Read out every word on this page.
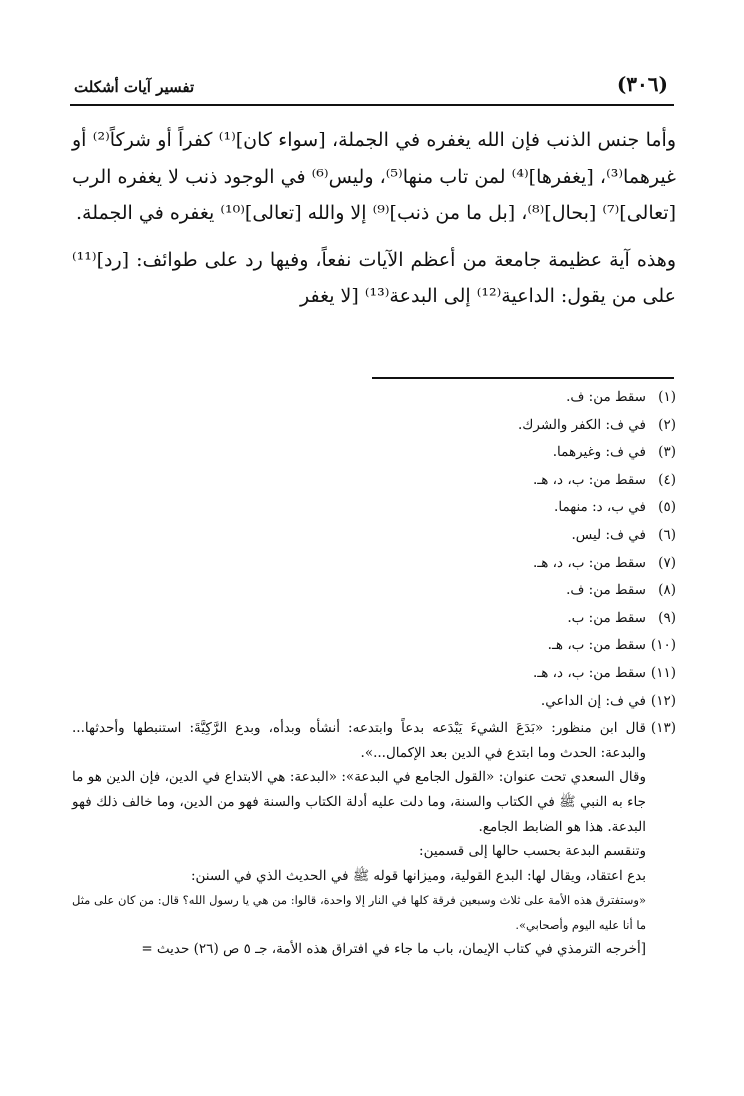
تفسير آيات أشكلت	(٣٠٦)

وأما جنس الذنب فإن الله يغفره في الجملة، [سواء كان]⁽¹⁾ كفراً أو شركاً⁽²⁾ أو غيرهما⁽³⁾، [يغفرها]⁽⁴⁾ لمن تاب منها⁽⁵⁾، وليس⁽⁶⁾ في الوجود ذنب لا يغفره الرب [تعالى]⁽⁷⁾ [بحال]⁽⁸⁾، [بل ما من ذنب]⁽⁹⁾ إلا والله [تعالى]⁽¹⁰⁾ يغفره في الجملة.

وهذه آية عظيمة جامعة من أعظم الآيات نفعاً، وفيها رد على طوائف: [رد]⁽¹¹⁾ على من يقول: الداعية⁽¹²⁾ إلى البدعة⁽¹³⁾ [لا يغفر

(١)
سقط من: ف.
(٢)
في ف: الكفر والشرك.
(٣)
في ف: وغيرهما.
(٤)
سقط من: ب، د، هـ.
(٥)
في ب، د: منهما.
(٦)
في ف: ليس.
(٧)
سقط من: ب، د، هـ.
(٨)
سقط من: ف.
(٩)
سقط من: ب.
(١٠)
سقط من: ب، هـ.
(١١)
سقط من: ب، د، هـ.
(١٢)
في ف: إن الداعي.
(١٣)
قال ابن منظور: «بَدَعَ الشيءَ يَبْدَعه بدعاً وابتدعه: أنشأه وبدأه، وبدع الرَّكِيَّةَ: استنبطها وأحدثها... والبدعة: الحدث وما ابتدع في الدين بعد الإكمال...».
وقال السعدي تحت عنوان: «القول الجامع في البدعة»: «البدعة: هي الابتداع في الدين، فإن الدين هو ما جاء به النبي ﷺ في الكتاب والسنة، وما دلت عليه أدلة الكتاب والسنة فهو من الدين، وما خالف ذلك فهو البدعة. هذا هو الضابط الجامع.
وتنقسم البدعة بحسب حالها إلى قسمين:
بدع اعتقاد، ويقال لها: البدع القولية، وميزانها قوله ﷺ في الحديث الذي في السنن:
«وستفترق هذه الأمة على ثلاث وسبعين فرقة كلها في النار إلا واحدة، قالوا: من هي يا رسول الله؟ قال: من كان على مثل ما أنا عليه اليوم وأصحابي».
[أخرجه الترمذي في كتاب الإيمان، باب ما جاء في افتراق هذه الأمة، جـ ٥ ص (٢٦) حديث =
